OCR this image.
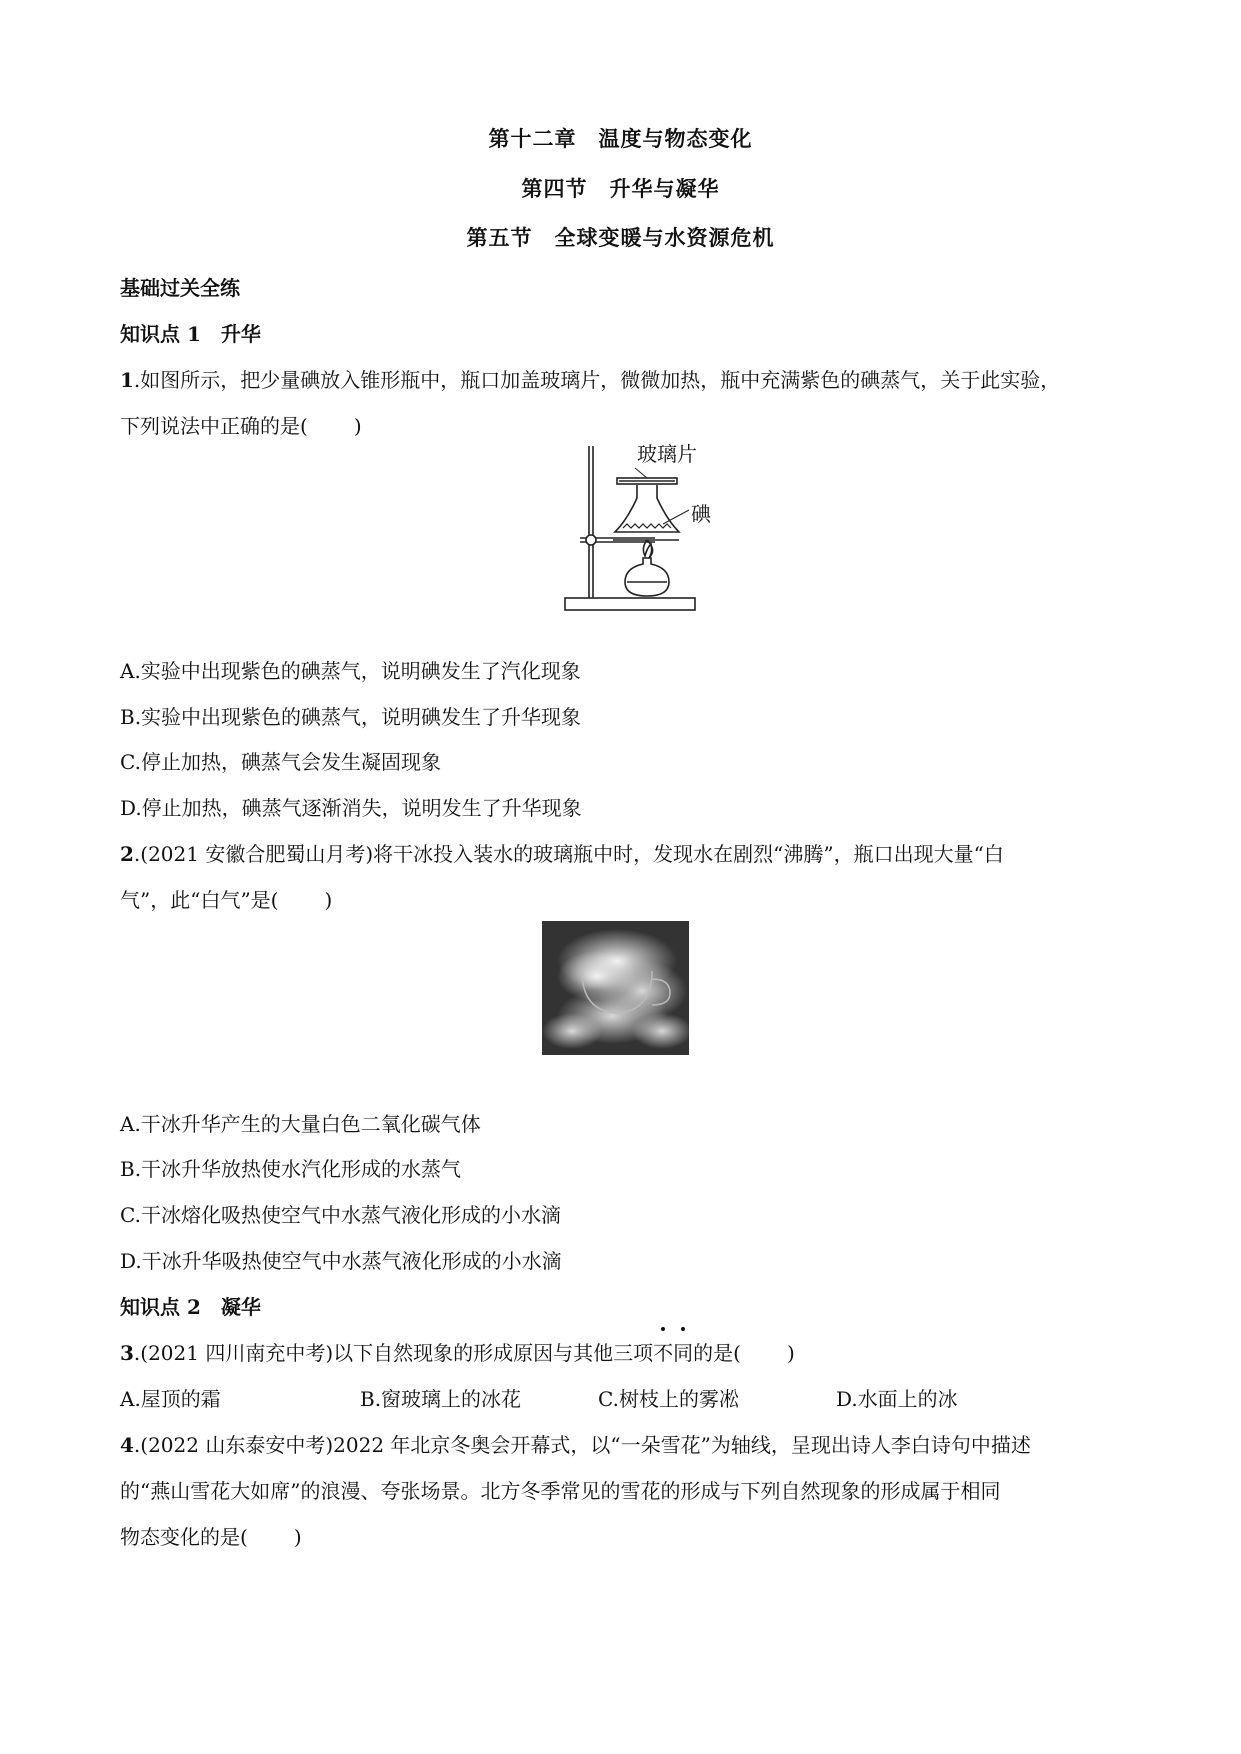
第十二章　温度与物态变化
第四节　升华与凝华
第五节　全球变暖与水资源危机
基础过关全练
知识点 1　升华
1.如图所示，把少量碘放入锥形瓶中，瓶口加盖玻璃片，微微加热，瓶中充满紫色的碘蒸气，关于此实验，
下列说法中正确的是( )
玻璃片
碘
A.实验中出现紫色的碘蒸气，说明碘发生了汽化现象
B.实验中出现紫色的碘蒸气，说明碘发生了升华现象
C.停止加热，碘蒸气会发生凝固现象
D.停止加热，碘蒸气逐渐消失，说明发生了升华现象
2.(2021 安徽合肥蜀山月考)将干冰投入装水的玻璃瓶中时，发现水在剧烈“沸腾”，瓶口出现大量“白
气”，此“白气”是( )
A.干冰升华产生的大量白色二氧化碳气体
B.干冰升华放热使水汽化形成的水蒸气
C.干冰熔化吸热使空气中水蒸气液化形成的小水滴
D.干冰升华吸热使空气中水蒸气液化形成的小水滴
知识点 2　凝华
3.(2021 四川南充中考)以下自然现象的形成原因与其他三项不同的是( )
A.屋顶的霜	B.窗玻璃上的冰花	C.树枝上的雾凇	D.水面上的冰
4.(2022 山东泰安中考)2022 年北京冬奥会开幕式，以“一朵雪花”为轴线，呈现出诗人李白诗句中描述
的“燕山雪花大如席”的浪漫、夸张场景。北方冬季常见的雪花的形成与下列自然现象的形成属于相同
物态变化的是( )
